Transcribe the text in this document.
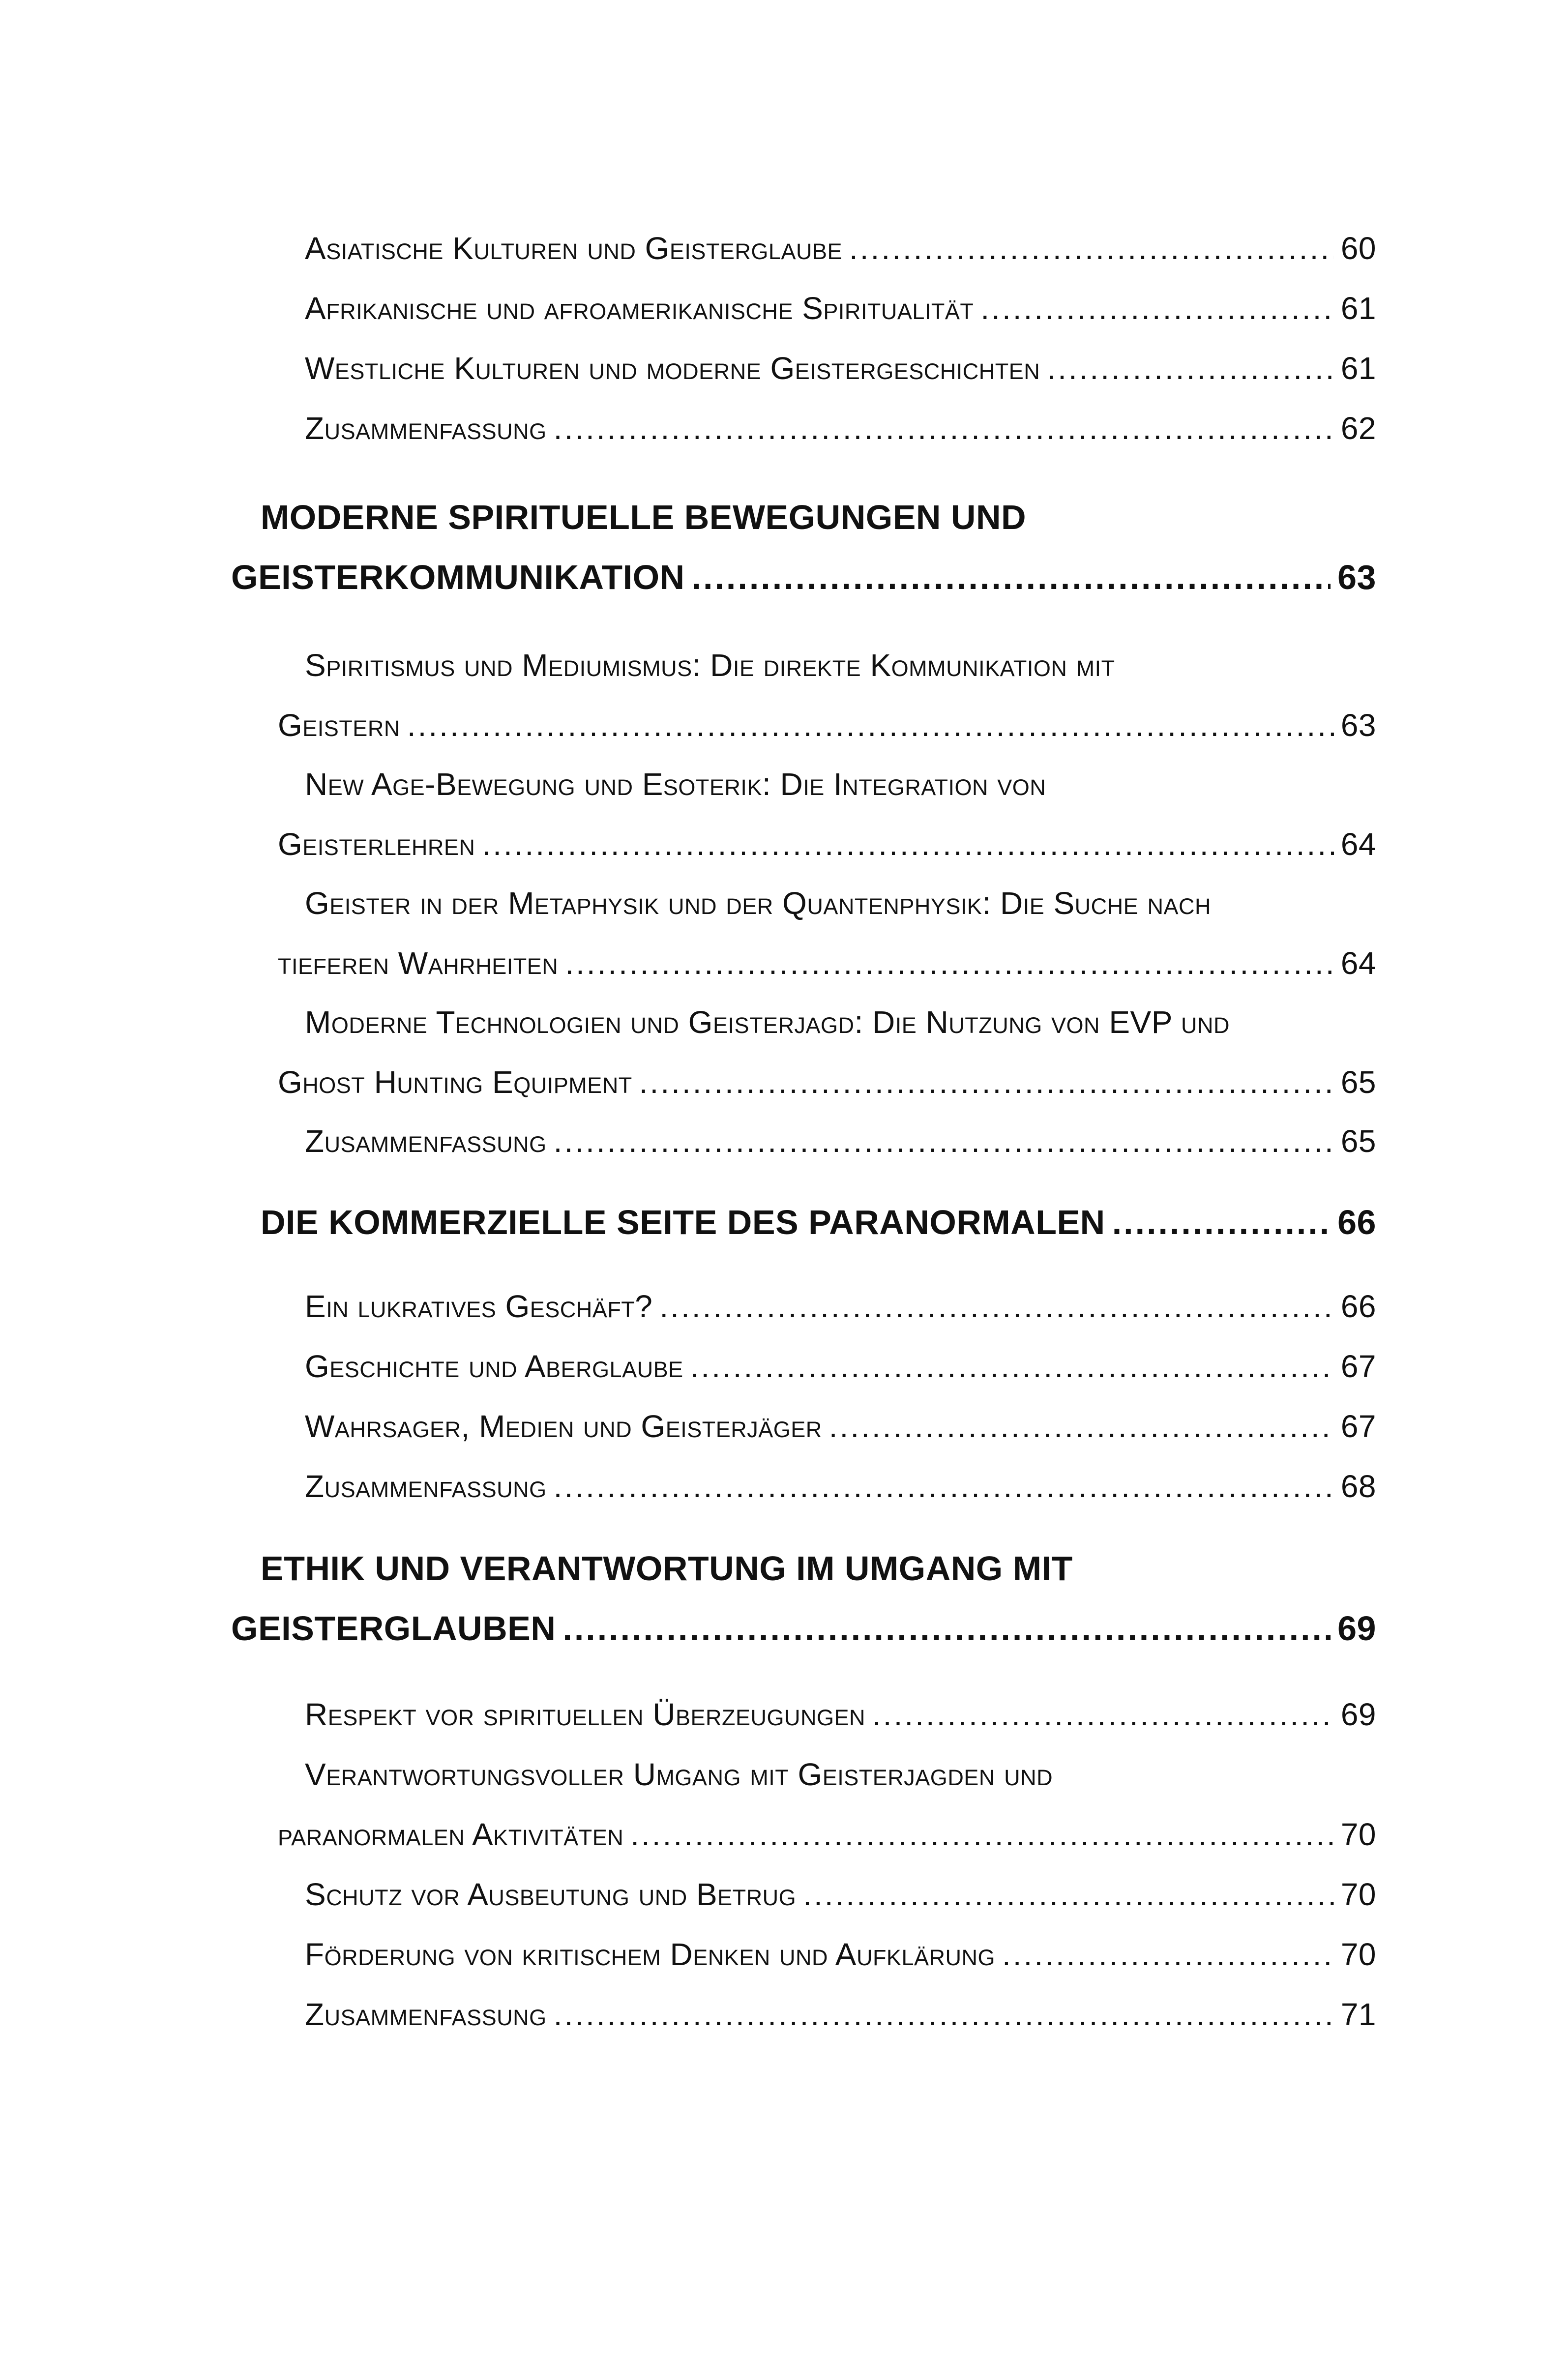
Asiatische Kulturen und Geisterglaube .....	60
Afrikanische und afroamerikanische Spiritualität .....	61
Westliche Kulturen und moderne Geistergeschichten .....	61
Zusammenfassung .....	62
MODERNE SPIRITUELLE BEWEGUNGEN UND
GEISTERKOMMUNIKATION .....	63
Spiritismus und Mediumismus: Die direkte Kommunikation mit
Geistern .....	63
New Age-Bewegung und Esoterik: Die Integration von
Geisterlehren .....	64
Geister in der Metaphysik und der Quantenphysik: Die Suche nach
tieferen Wahrheiten .....	64
Moderne Technologien und Geisterjagd: Die Nutzung von EVP und
Ghost Hunting Equipment .....	65
Zusammenfassung .....	65
DIE KOMMERZIELLE SEITE DES PARANORMALEN .....	66
Ein lukratives Geschäft? .....	66
Geschichte und Aberglaube .....	67
Wahrsager, Medien und Geisterjäger .....	67
Zusammenfassung .....	68
ETHIK UND VERANTWORTUNG IM UMGANG MIT
GEISTERGLAUBEN .....	69
Respekt vor spirituellen Überzeugungen .....	69
Verantwortungsvoller Umgang mit Geisterjagden und
paranormalen Aktivitäten .....	70
Schutz vor Ausbeutung und Betrug .....	70
Förderung von kritischem Denken und Aufklärung .....	70
Zusammenfassung .....	71
